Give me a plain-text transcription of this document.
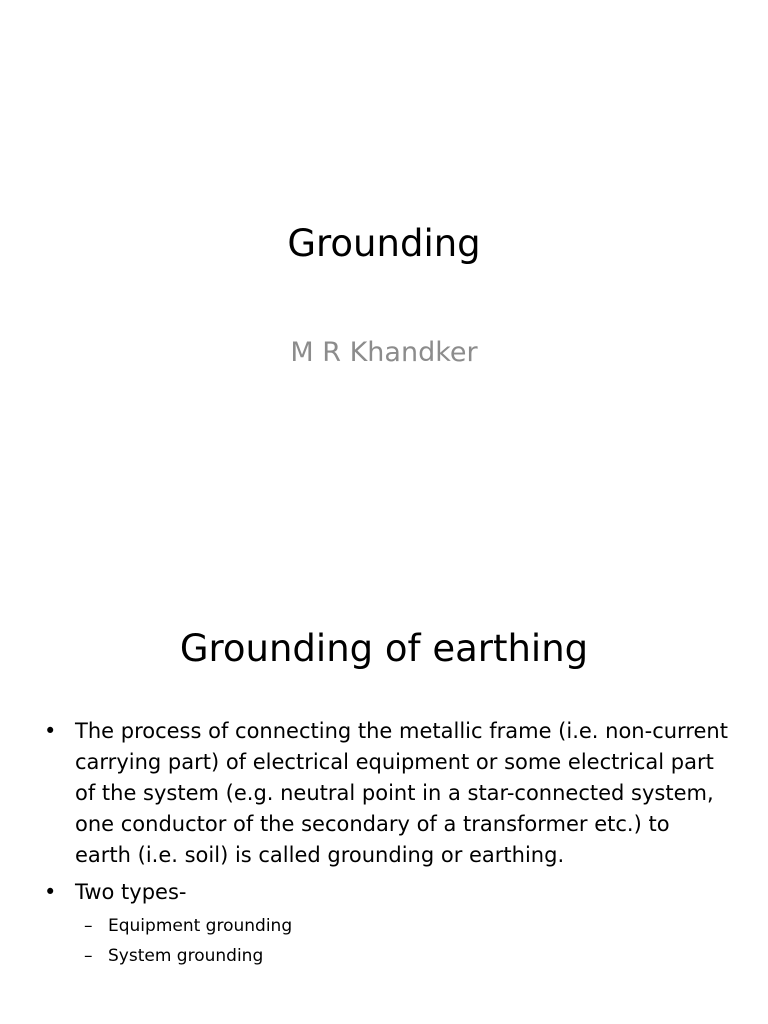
Grounding
M R Khandker
Grounding of earthing
• The process of connecting the metallic frame (i.e. non-current carrying part) of electrical equipment or some electrical part of the system (e.g. neutral point in a star-connected system, one conductor of the secondary of a transformer etc.) to earth (i.e. soil) is called grounding or earthing.
• Two types-
– Equipment grounding
– System grounding
